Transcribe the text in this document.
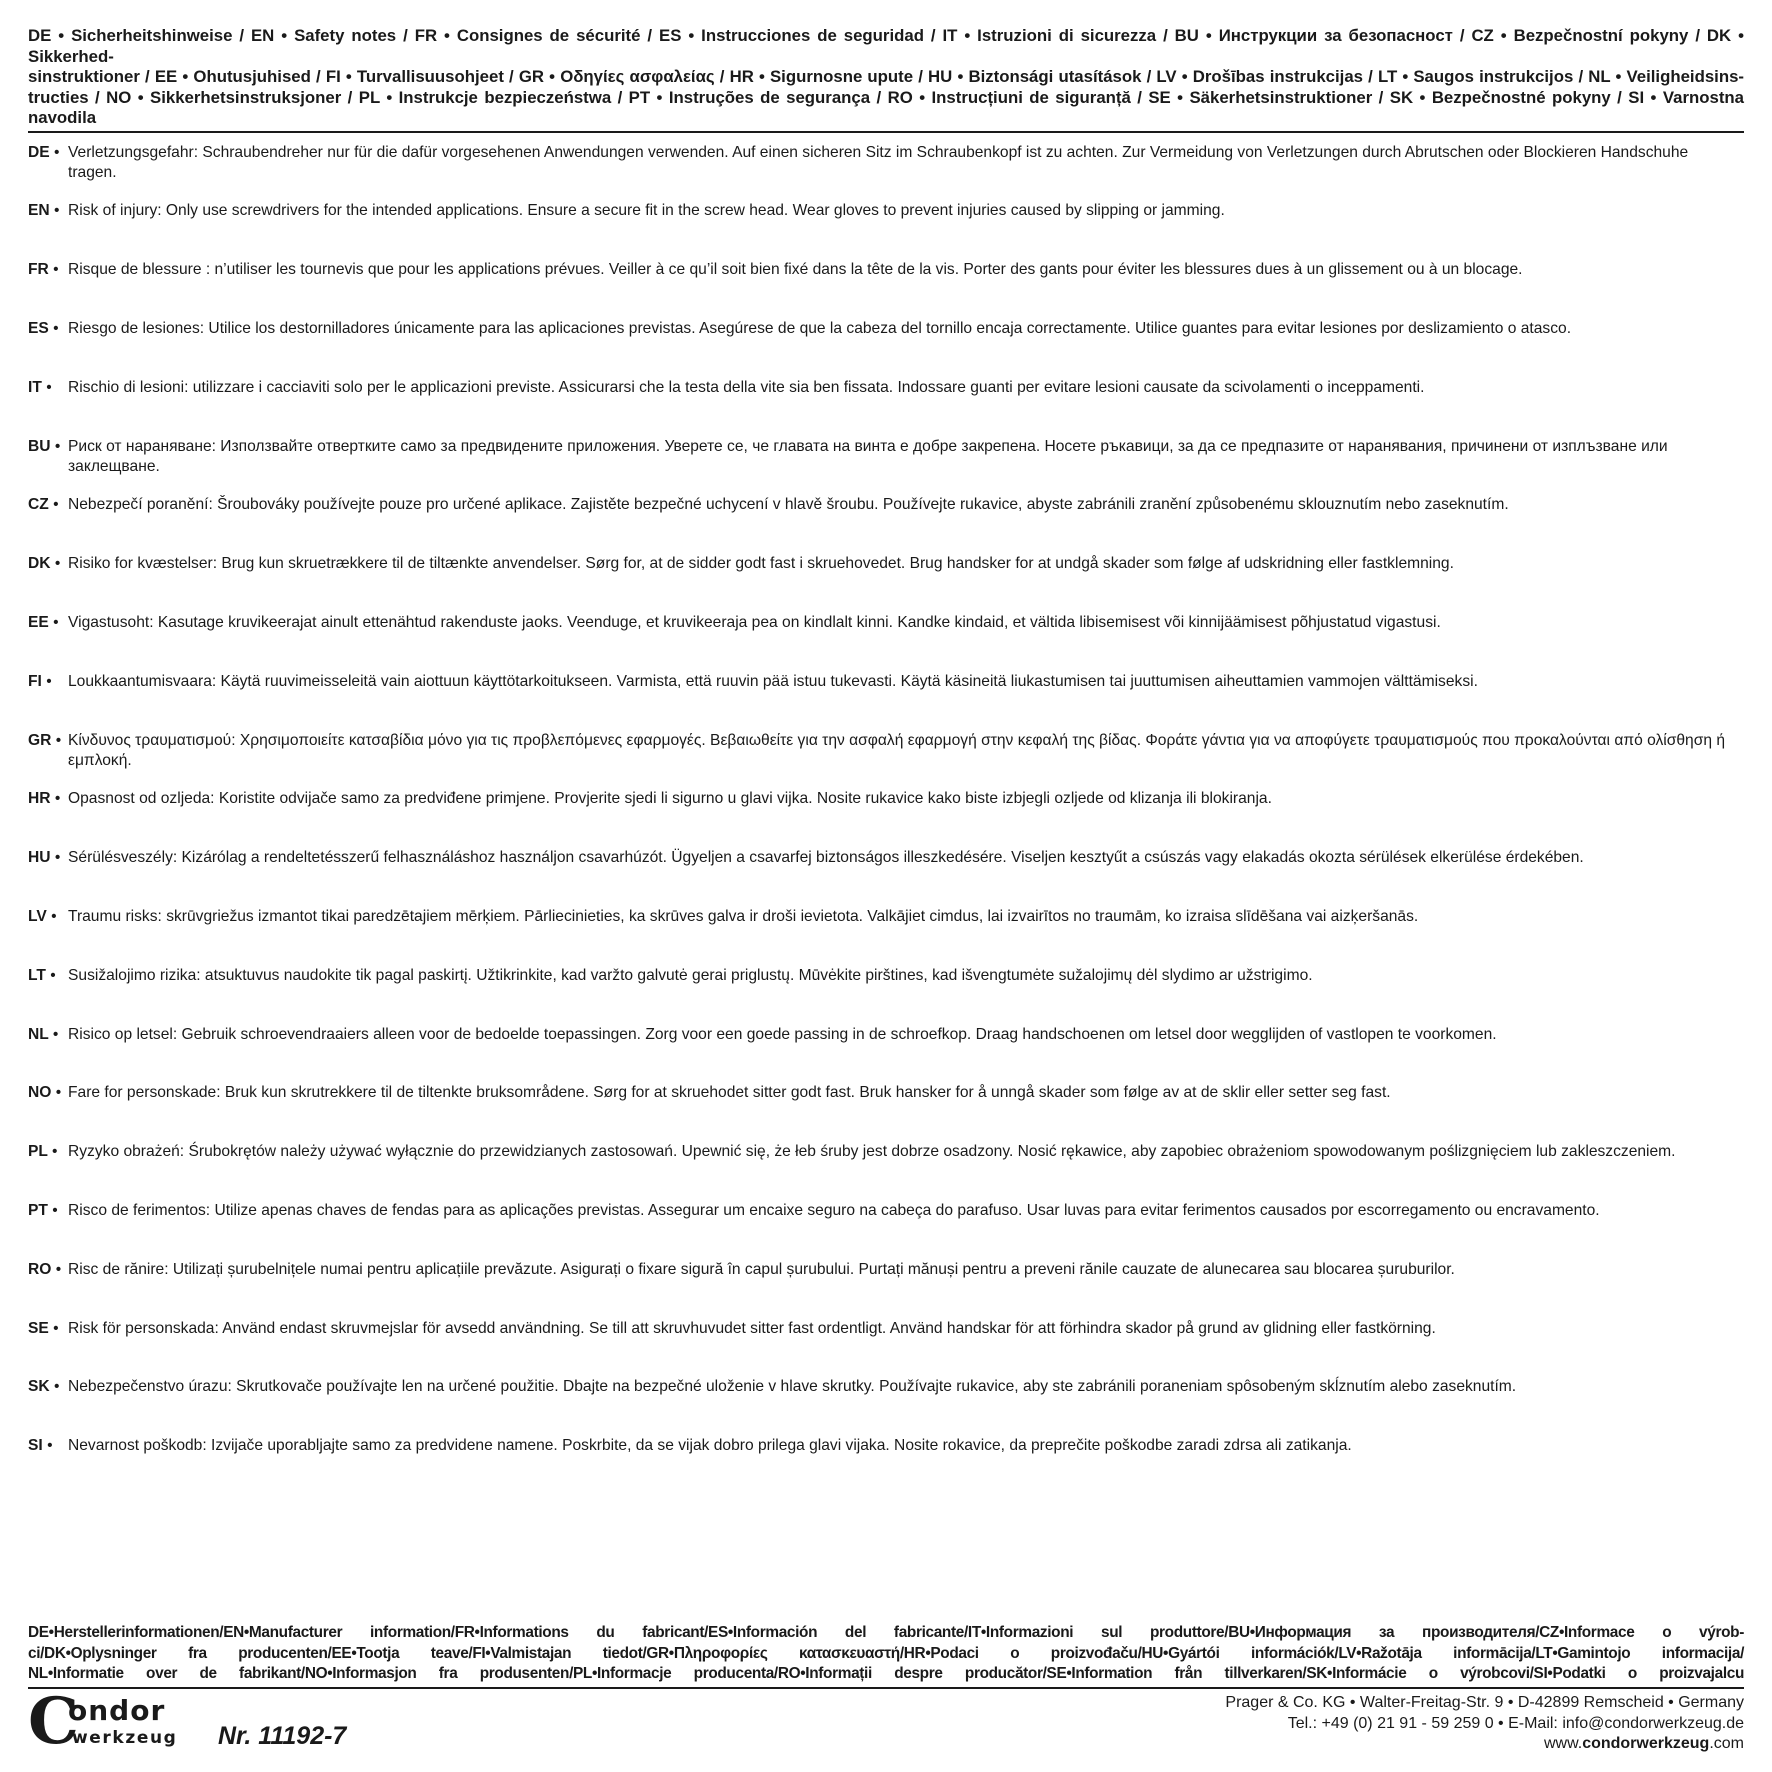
DE • Sicherheitshinweise / EN • Safety notes / FR • Consignes de sécurité / ES • Instrucciones de seguridad / IT • Istruzioni di sicurezza / BU • Инструкции за безопасност / CZ • Bezpečnostní pokyny / DK • Sikkerhed-
sinstruktioner / EE • Ohutusjuhised / FI • Turvallisuusohjeet / GR • Οδηγίες ασφαλείας / HR • Sigurnosne upute / HU • Biztonsági utasítások / LV • Drošības instrukcijas / LT • Saugos instrukcijos / NL • Veiligheidsins-
tructies / NO • Sikkerhetsinstruksjoner / PL • Instrukcje bezpieczeństwa / PT • Instruções de segurança / RO • Instrucțiuni de siguranță / SE • Säkerhetsinstruktioner / SK • Bezpečnostné pokyny / SI • Varnostna navodila
DE • Verletzungsgefahr: Schraubendreher nur für die dafür vorgesehenen Anwendungen verwenden. Auf einen sicheren Sitz im Schraubenkopf ist zu achten. Zur Vermeidung von Verletzungen durch Abrutschen oder Blockieren Handschuhe tragen.
EN • Risk of injury: Only use screwdrivers for the intended applications. Ensure a secure fit in the screw head. Wear gloves to prevent injuries caused by slipping or jamming.
FR • Risque de blessure : n’utiliser les tournevis que pour les applications prévues. Veiller à ce qu’il soit bien fixé dans la tête de la vis. Porter des gants pour éviter les blessures dues à un glissement ou à un blocage.
ES • Riesgo de lesiones: Utilice los destornilladores únicamente para las aplicaciones previstas. Asegúrese de que la cabeza del tornillo encaja correctamente. Utilice guantes para evitar lesiones por deslizamiento o atasco.
IT •	Rischio di lesioni: utilizzare i cacciaviti solo per le applicazioni previste. Assicurarsi che la testa della vite sia ben fissata. Indossare guanti per evitare lesioni causate da scivolamenti o inceppamenti.
BU • Риск от нараняване: Използвайте отвертките само за предвидените приложения. Уверете се, че главата на винта е добре закрепена. Носете ръкавици, за да се предпазите от наранявания, причинени от изплъзване или заклещване.
CZ • Nebezpečí poranění: Šroubováky používejte pouze pro určené aplikace. Zajistěte bezpečné uchycení v hlavě šroubu. Používejte rukavice, abyste zabránili zranění způsobenému sklouznutím nebo zaseknutím.
DK • Risiko for kvæstelser: Brug kun skruetrækkere til de tiltænkte anvendelser. Sørg for, at de sidder godt fast i skruehovedet. Brug handsker for at undgå skader som følge af udskridning eller fastklemning.
EE • Vigastusoht: Kasutage kruvikeerajat ainult ettenähtud rakenduste jaoks. Veenduge, et kruvikeeraja pea on kindlalt kinni. Kandke kindaid, et vältida libisemisest või kinnijäämisest põhjustatud vigastusi.
FI •	Loukkaantumisvaara: Käytä ruuvimeisseleitä vain aiottuun käyttötarkoitukseen. Varmista, että ruuvin pää istuu tukevasti. Käytä käsineitä liukastumisen tai juuttumisen aiheuttamien vammojen välttämiseksi.
GR • Κίνδυνος τραυματισμού: Χρησιμοποιείτε κατσαβίδια μόνο για τις προβλεπόμενες εφαρμογές. Βεβαιωθείτε για την ασφαλή εφαρμογή στην κεφαλή της βίδας. Φοράτε γάντια για να αποφύγετε τραυματισμούς που προκαλούνται από ολίσθηση ή εμπλοκή.
HR • Opasnost od ozljeda: Koristite odvijače samo za predviđene primjene. Provjerite sjedi li sigurno u glavi vijka. Nosite rukavice kako biste izbjegli ozljede od klizanja ili blokiranja.
HU • Sérülésveszély: Kizárólag a rendeltetésszerű felhasználáshoz használjon csavarhúzót. Ügyeljen a csavarfej biztonságos illeszkedésére. Viseljen kesztyűt a csúszás vagy elakadás okozta sérülések elkerülése érdekében.
LV • Traumu risks: skrūvgriežus izmantot tikai paredzētajiem mērķiem. Pārliecinieties, ka skrūves galva ir droši ievietota. Valkājiet cimdus, lai izvairītos no traumām, ko izraisa slīdēšana vai aizķeršanās.
LT • Susižalojimo rizika: atsuktuvus naudokite tik pagal paskirtį. Užtikrinkite, kad varžto galvutė gerai priglustų. Mūvėkite pirštines, kad išvengtumėte sužalojimų dėl slydimo ar užstrigimo.
NL • Risico op letsel: Gebruik schroevendraaiers alleen voor de bedoelde toepassingen. Zorg voor een goede passing in de schroefkop. Draag handschoenen om letsel door wegglijden of vastlopen te voorkomen.
NO • Fare for personskade: Bruk kun skrutrekkere til de tiltenkte bruksområdene. Sørg for at skruehodet sitter godt fast. Bruk hansker for å unngå skader som følge av at de sklir eller setter seg fast.
PL • Ryzyko obrażeń: Śrubokrętów należy używać wyłącznie do przewidzianych zastosowań. Upewnić się, że łeb śruby jest dobrze osadzony. Nosić rękawice, aby zapobiec obrażeniom spowodowanym poślizgnięciem lub zakleszczeniem.
PT • Risco de ferimentos: Utilize apenas chaves de fendas para as aplicações previstas. Assegurar um encaixe seguro na cabeça do parafuso. Usar luvas para evitar ferimentos causados por escorregamento ou encravamento.
RO • Risc de rănire: Utilizați șurubelnițele numai pentru aplicațiile prevăzute. Asigurați o fixare sigură în capul șurubului. Purtați mănuși pentru a preveni rănile cauzate de alunecarea sau blocarea șuruburilor.
SE • Risk för personskada: Använd endast skruvmejslar för avsedd användning. Se till att skruvhuvudet sitter fast ordentligt. Använd handskar för att förhindra skador på grund av glidning eller fastkörning.
SK • Nebezpečenstvo úrazu: Skrutkovače používajte len na určené použitie. Dbajte na bezpečné uloženie v hlave skrutky. Používajte rukavice, aby ste zabránili poraneniam spôsobeným skĺznutím alebo zaseknutím.
SI • Nevarnost poškodb: Izvijače uporabljajte samo za predvidene namene. Poskrbite, da se vijak dobro prilega glavi vijaka. Nosite rokavice, da preprečite poškodbe zaradi zdrsa ali zatikanja.
DE•Herstellerinformationen/EN•Manufacturer information/FR•Informations du fabricant/ES•Información del fabricante/IT•Informazioni sul produttore/BU•Информация за производителя/CZ•Informace o výrob-
ci/DK•Oplysninger fra producenten/EE•Tootja teave/FI•Valmistajan tiedot/GR•Πληροφορίες κατασκευαστή/HR•Podaci o proizvođaču/HU•Gyártói információk/LV•Ražotāja informācija/LT•Gamintojo informacija/
NL•Informatie over de fabrikant/NO•Informasjon fra produsenten/PL•Informacje producenta/RO•Informații despre producător/SE•Information från tillverkaren/SK•Informácie o výrobcovi/SI•Podatki o proizvajalcu
C
ondor
werkzeug Nr. 11192-7
Prager & Co. KG • Walter-Freitag-Str. 9 • D-42899 Remscheid • Germany
Tel.: +49 (0) 21 91 - 59 259 0 • E-Mail: info@condorwerkzeug.de
www.condorwerkzeug.com
